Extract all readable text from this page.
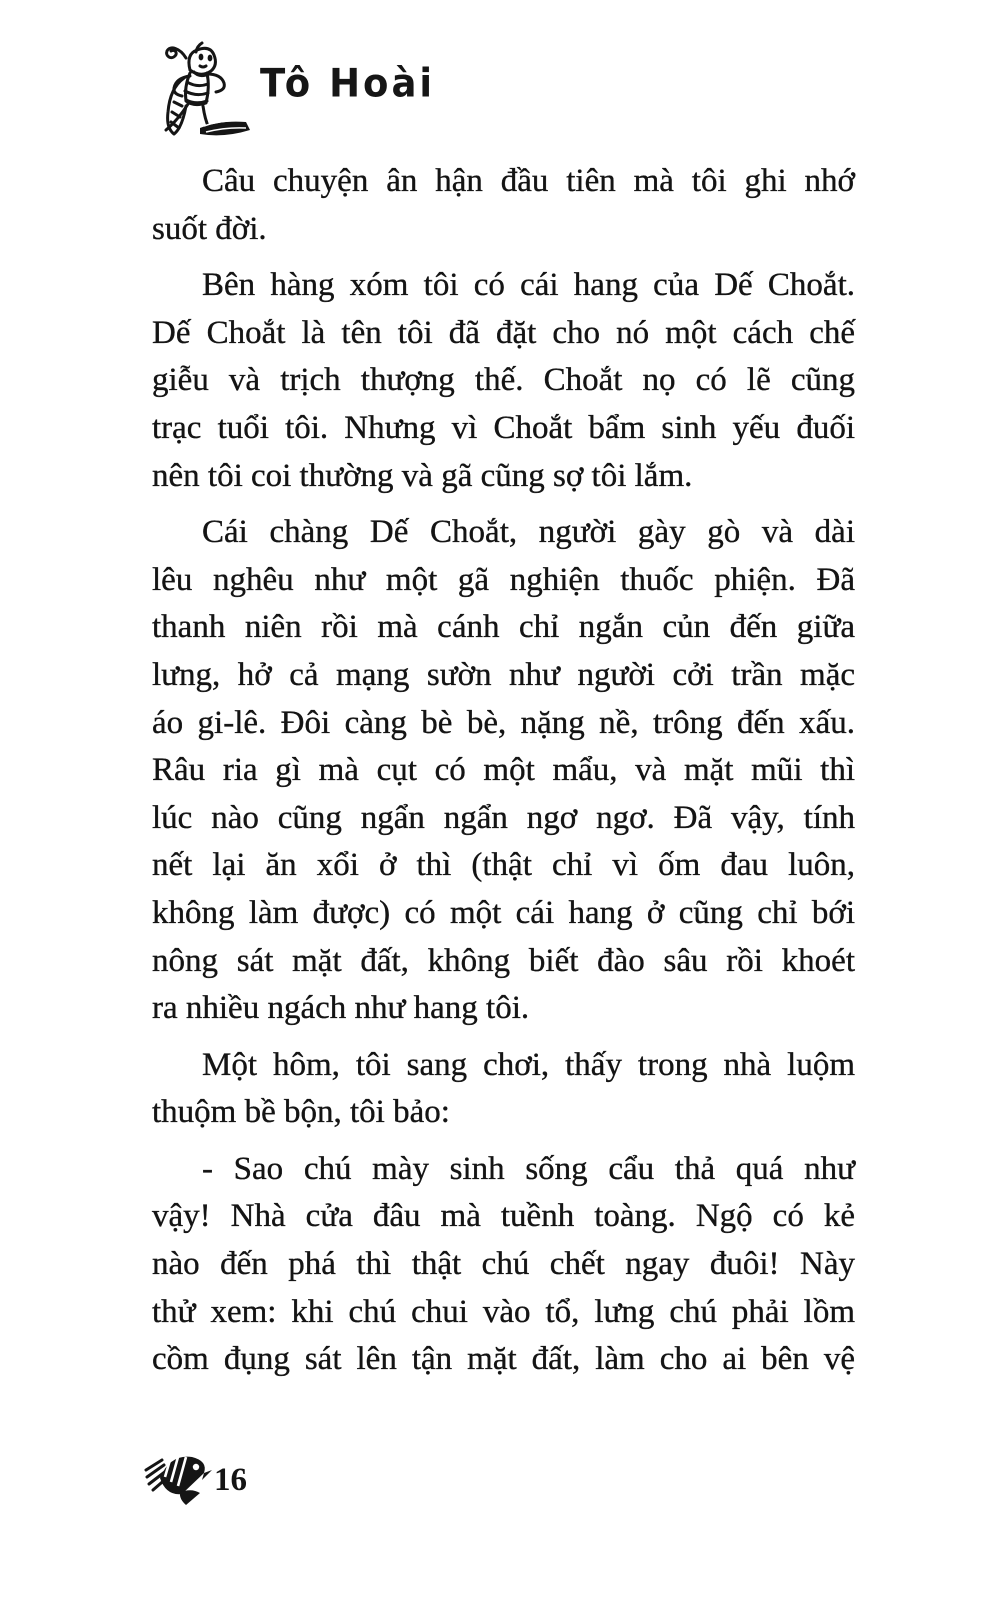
Tô Hoài

Câu chuyện ân hận đầu tiên mà tôi ghi nhớ
suốt đời.

Bên hàng xóm tôi có cái hang của Dế Choắt.
Dế Choắt là tên tôi đã đặt cho nó một cách chế
giễu và trịch thượng thế. Choắt nọ có lẽ cũng
trạc tuổi tôi. Nhưng vì Choắt bẩm sinh yếu đuối
nên tôi coi thường và gã cũng sợ tôi lắm.

Cái chàng Dế Choắt, người gày gò và dài
lêu nghêu như một gã nghiện thuốc phiện. Đã
thanh niên rồi mà cánh chỉ ngắn củn đến giữa
lưng, hở cả mạng sườn như người cởi trần mặc
áo gi-lê. Đôi càng bè bè, nặng nề, trông đến xấu.
Râu ria gì mà cụt có một mẩu, và mặt mũi thì
lúc nào cũng ngẩn ngẩn ngơ ngơ. Đã vậy, tính
nết lại ăn xổi ở thì (thật chỉ vì ốm đau luôn,
không làm được) có một cái hang ở cũng chỉ bới
nông sát mặt đất, không biết đào sâu rồi khoét
ra nhiều ngách như hang tôi.

Một hôm, tôi sang chơi, thấy trong nhà luộm
thuộm bề bộn, tôi bảo:

- Sao chú mày sinh sống cẩu thả quá như
vậy! Nhà cửa đâu mà tuềnh toàng. Ngộ có kẻ
nào đến phá thì thật chú chết ngay đuôi! Này
thử xem: khi chú chui vào tổ, lưng chú phải lồm
cồm đụng sát lên tận mặt đất, làm cho ai bên vệ

16
